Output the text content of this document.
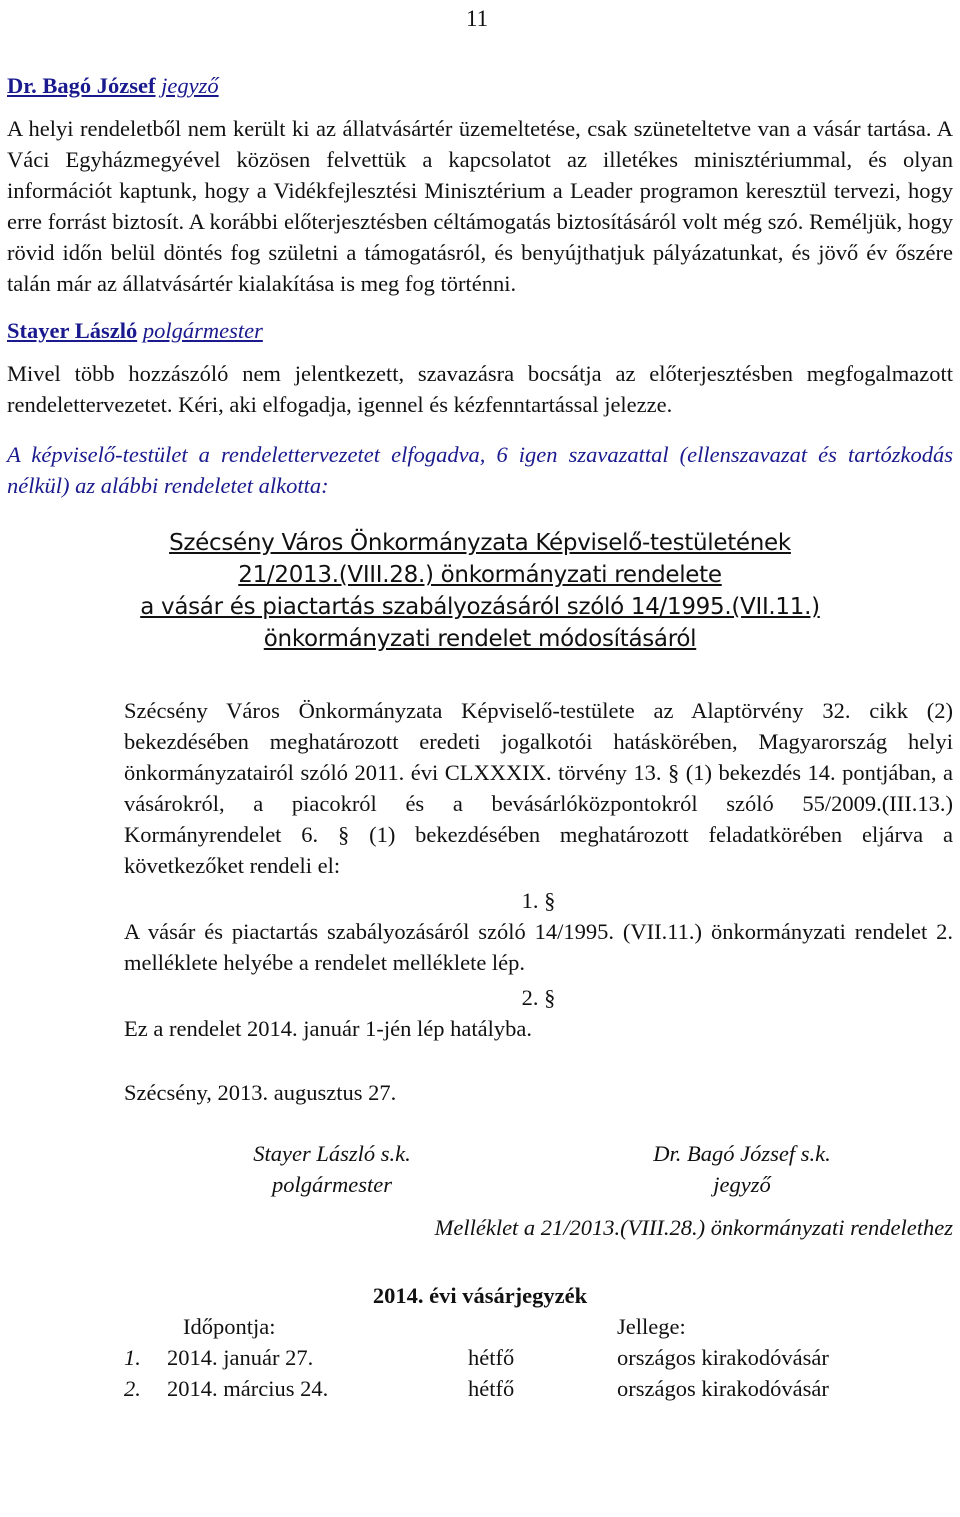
11
Dr. Bagó József jegyző

A helyi rendeletből nem került ki az állatvásártér üzemeltetése, csak szüneteltetve van a vásár tartása. A Váci Egyházmegyével közösen felvettük a kapcsolatot az illetékes minisztériummal, és olyan információt kaptunk, hogy a Vidékfejlesztési Minisztérium a Leader programon keresztül tervezi, hogy erre forrást biztosít. A korábbi előterjesztésben céltámogatás biztosításáról volt még szó. Reméljük, hogy rövid időn belül döntés fog születni a támogatásról, és benyújthatjuk pályázatunkat, és jövő év őszére talán már az állatvásártér kialakítása is meg fog történni.

Stayer László polgármester

Mivel több hozzászóló nem jelentkezett, szavazásra bocsátja az előterjesztésben megfogalmazott rendelettervezetet. Kéri, aki elfogadja, igennel és kézfenntartással jelezze.

A képviselő-testület a rendelettervezetet elfogadva, 6 igen szavazattal (ellenszavazat és tartózkodás nélkül) az alábbi rendeletet alkotta:

Szécsény Város Önkormányzata Képviselő-testületének
21/2013.(VIII.28.) önkormányzati rendelete
a vásár és piactartás szabályozásáról szóló 14/1995.(VII.11.)
önkormányzati rendelet módosításáról

Szécsény Város Önkormányzata Képviselő-testülete az Alaptörvény 32. cikk (2) bekezdésében meghatározott eredeti jogalkotói hatáskörében, Magyarország helyi önkormányzatairól szóló 2011. évi CLXXXIX. törvény 13. § (1) bekezdés 14. pontjában, a vásárokról, a piacokról és a bevásárlóközpontokról szóló 55/2009.(III.13.) Kormányrendelet 6. § (1) bekezdésében meghatározott feladatkörében eljárva a következőket rendeli el:

1. §

A vásár és piactartás szabályozásáról szóló 14/1995. (VII.11.) önkormányzati rendelet 2. melléklete helyébe a rendelet melléklete lép.

2. §

Ez a rendelet 2014. január 1-jén lép hatályba.

Szécsény, 2013. augusztus 27.

Stayer László s.k.
polgármester
Dr. Bagó József s.k.
jegyző

Melléklet a 21/2013.(VIII.28.) önkormányzati rendelethez

2014. évi vásárjegyzék
	Időpontja:		Jellege:
1.	2014. január 27.	hétfő	országos kirakodóvásár
2.	2014. március 24.	hétfő	országos kirakodóvásár
